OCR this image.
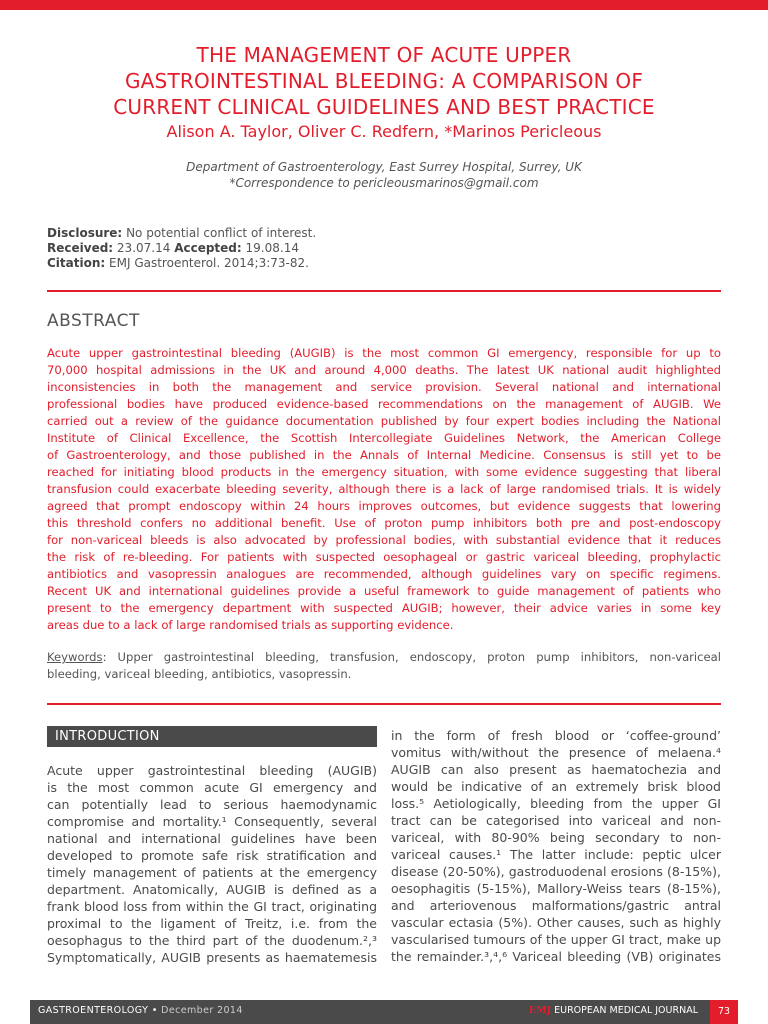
THE MANAGEMENT OF ACUTE UPPER
GASTROINTESTINAL BLEEDING: A COMPARISON OF
CURRENT CLINICAL GUIDELINES AND BEST PRACTICE
Alison A. Taylor, Oliver C. Redfern, *Marinos Pericleous
Department of Gastroenterology, East Surrey Hospital, Surrey, UK
*Correspondence to pericleousmarinos@gmail.com
Disclosure: No potential conflict of interest.
Received: 23.07.14 Accepted: 19.08.14
Citation: EMJ Gastroenterol. 2014;3:73-82.
ABSTRACT
Acute upper gastrointestinal bleeding (AUGIB) is the most common GI emergency, responsible for up to
70,000 hospital admissions in the UK and around 4,000 deaths. The latest UK national audit highlighted
inconsistencies in both the management and service provision. Several national and international
professional bodies have produced evidence-based recommendations on the management of AUGIB. We
carried out a review of the guidance documentation published by four expert bodies including the National
Institute of Clinical Excellence, the Scottish Intercollegiate Guidelines Network, the American College
of Gastroenterology, and those published in the Annals of Internal Medicine. Consensus is still yet to be
reached for initiating blood products in the emergency situation, with some evidence suggesting that liberal
transfusion could exacerbate bleeding severity, although there is a lack of large randomised trials. It is widely
agreed that prompt endoscopy within 24 hours improves outcomes, but evidence suggests that lowering
this threshold confers no additional benefit. Use of proton pump inhibitors both pre and post-endoscopy
for non-variceal bleeds is also advocated by professional bodies, with substantial evidence that it reduces
the risk of re-bleeding. For patients with suspected oesophageal or gastric variceal bleeding, prophylactic
antibiotics and vasopressin analogues are recommended, although guidelines vary on specific regimens.
Recent UK and international guidelines provide a useful framework to guide management of patients who
present to the emergency department with suspected AUGIB; however, their advice varies in some key
areas due to a lack of large randomised trials as supporting evidence.
Keywords: Upper gastrointestinal bleeding, transfusion, endoscopy, proton pump inhibitors, non-variceal
bleeding, variceal bleeding, antibiotics, vasopressin.
INTRODUCTION
Acute upper gastrointestinal bleeding (AUGIB)
is the most common acute GI emergency and
can potentially lead to serious haemodynamic
compromise and mortality.¹ Consequently, several
national and international guidelines have been
developed to promote safe risk stratification and
timely management of patients at the emergency
department. Anatomically, AUGIB is defined as a
frank blood loss from within the GI tract, originating
proximal to the ligament of Treitz, i.e. from the
oesophagus to the third part of the duodenum.²,³
Symptomatically, AUGIB presents as haematemesis
in the form of fresh blood or ‘coffee-ground’
vomitus with/without the presence of melaena.⁴
AUGIB can also present as haematochezia and
would be indicative of an extremely brisk blood
loss.⁵ Aetiologically, bleeding from the upper GI
tract can be categorised into variceal and non-
variceal, with 80-90% being secondary to non-
variceal causes.¹ The latter include: peptic ulcer
disease (20-50%), gastroduodenal erosions (8-15%),
oesophagitis (5-15%), Mallory-Weiss tears (8-15%),
and arteriovenous malformations/gastric antral
vascular ectasia (5%). Other causes, such as highly
vascularised tumours of the upper GI tract, make up
the remainder.³,⁴,⁶ Variceal bleeding (VB) originates
GASTROENTEROLOGY • December 2014	EMJ EUROPEAN MEDICAL JOURNAL	73
